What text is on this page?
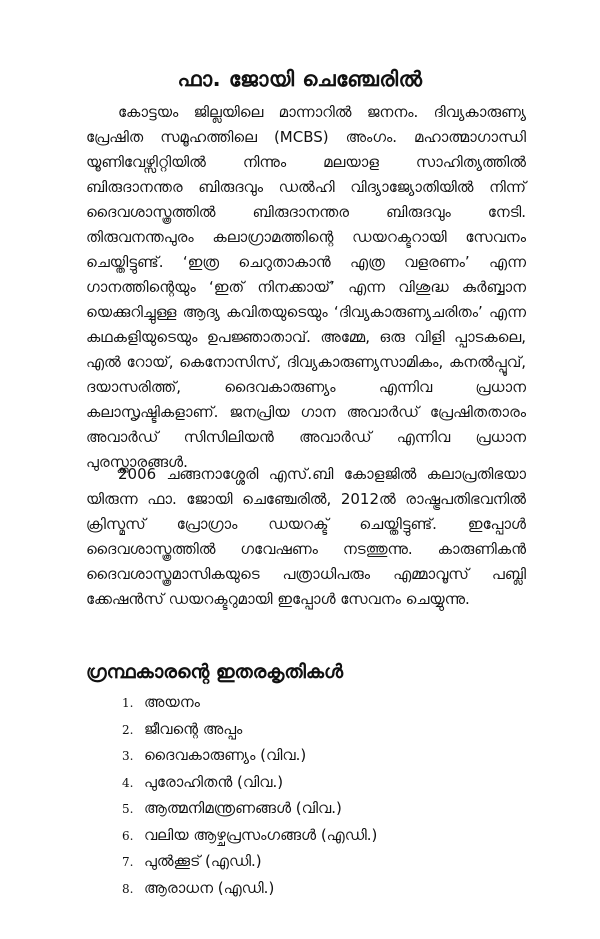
ഫാ. ജോയി ചെഞ്ചേരിൽ

കോട്ടയം ജില്ലയിലെ മാന്നാറിൽ ജനനം. ദിവ്യകാരുണ്യ പ്രേഷിത സമൂഹത്തിലെ (MCBS) അംഗം. മഹാത്മാഗാന്ധി യൂണിവേഴ്സിറ്റിയിൽ നിന്നും മലയാള സാഹിത്യത്തിൽ ബിരുദാനന്തര ബിരുദവും ഡൽഹി വിദ്യാജ്യോതിയിൽ നിന്ന് ദൈവശാസ്ത്രത്തിൽ ബിരുദാനന്തര ബിരുദവും നേടി. തിരുവനന്തപുരം കലാഗ്രാമത്തിന്റെ ഡയറക്ടറായി സേവനം ചെയ്തിട്ടുണ്ട്. ‘ഇത്ര ചെറുതാകാൻ എത്ര വളരണം’ എന്ന ഗാനത്തിന്റെയും ‘ഇത് നിനക്കായ്’ എന്ന വിശുദ്ധ കുർബ്ബാന യെക്കുറിച്ചുള്ള ആദ്യ കവിതയുടെയും ‘ദിവ്യകാരുണ്യചരിതം’ എന്ന കഥകളിയുടെയും ഉപജ്ഞാതാവ്. അമ്മേ, ഒരു വിളി പ്പാടകലെ, എൽ റോയ്, കെനോസിസ്, ദിവ്യകാരുണ്യസാമികം, കനൽപ്പൂവ്, ദയാസരിത്ത്, ദൈവകാരുണ്യം എന്നിവ പ്രധാന കലാസൃഷ്ടികളാണ്. ജനപ്രിയ ഗാന അവാർഡ് പ്രേഷിതതാരം അവാർഡ് സിസിലിയൻ അവാർഡ് എന്നിവ പ്രധാന പുരസ്ക്കാരങ്ങൾ.

2006 ചങ്ങനാശ്ശേരി എസ്.ബി കോളജിൽ കലാപ്രതിഭയാ യിരുന്ന ഫാ. ജോയി ചെഞ്ചേരിൽ, 2012ൽ രാഷ്ട്രപതിഭവനിൽ ക്രിസ്മസ് പ്രോഗ്രാം ഡയറക്ട് ചെയ്തിട്ടുണ്ട്. ഇപ്പോൾ ദൈവശാസ്ത്രത്തിൽ ഗവേഷണം നടത്തുന്നു. കാരുണികൻ ദൈവശാസ്ത്രമാസികയുടെ പത്രാധിപരും എമ്മാവൂസ് പബ്ലി ക്കേഷൻസ് ഡയറക്ടറുമായി ഇപ്പോൾ സേവനം ചെയ്യുന്നു.

ഗ്രന്ഥകാരന്റെ ഇതരകൃതികൾ
1. അയനം
2. ജീവന്റെ അപ്പം
3. ദൈവകാരുണ്യം (വിവ.)
4. പുരോഹിതൻ (വിവ.)
5. ആത്മനിമന്ത്രണങ്ങൾ (വിവ.)
6. വലിയ ആഴ്ചപ്രസംഗങ്ങൾ (എഡി.)
7. പുൽക്കൂട് (എഡി.)
8. ആരാധന (എഡി.)
